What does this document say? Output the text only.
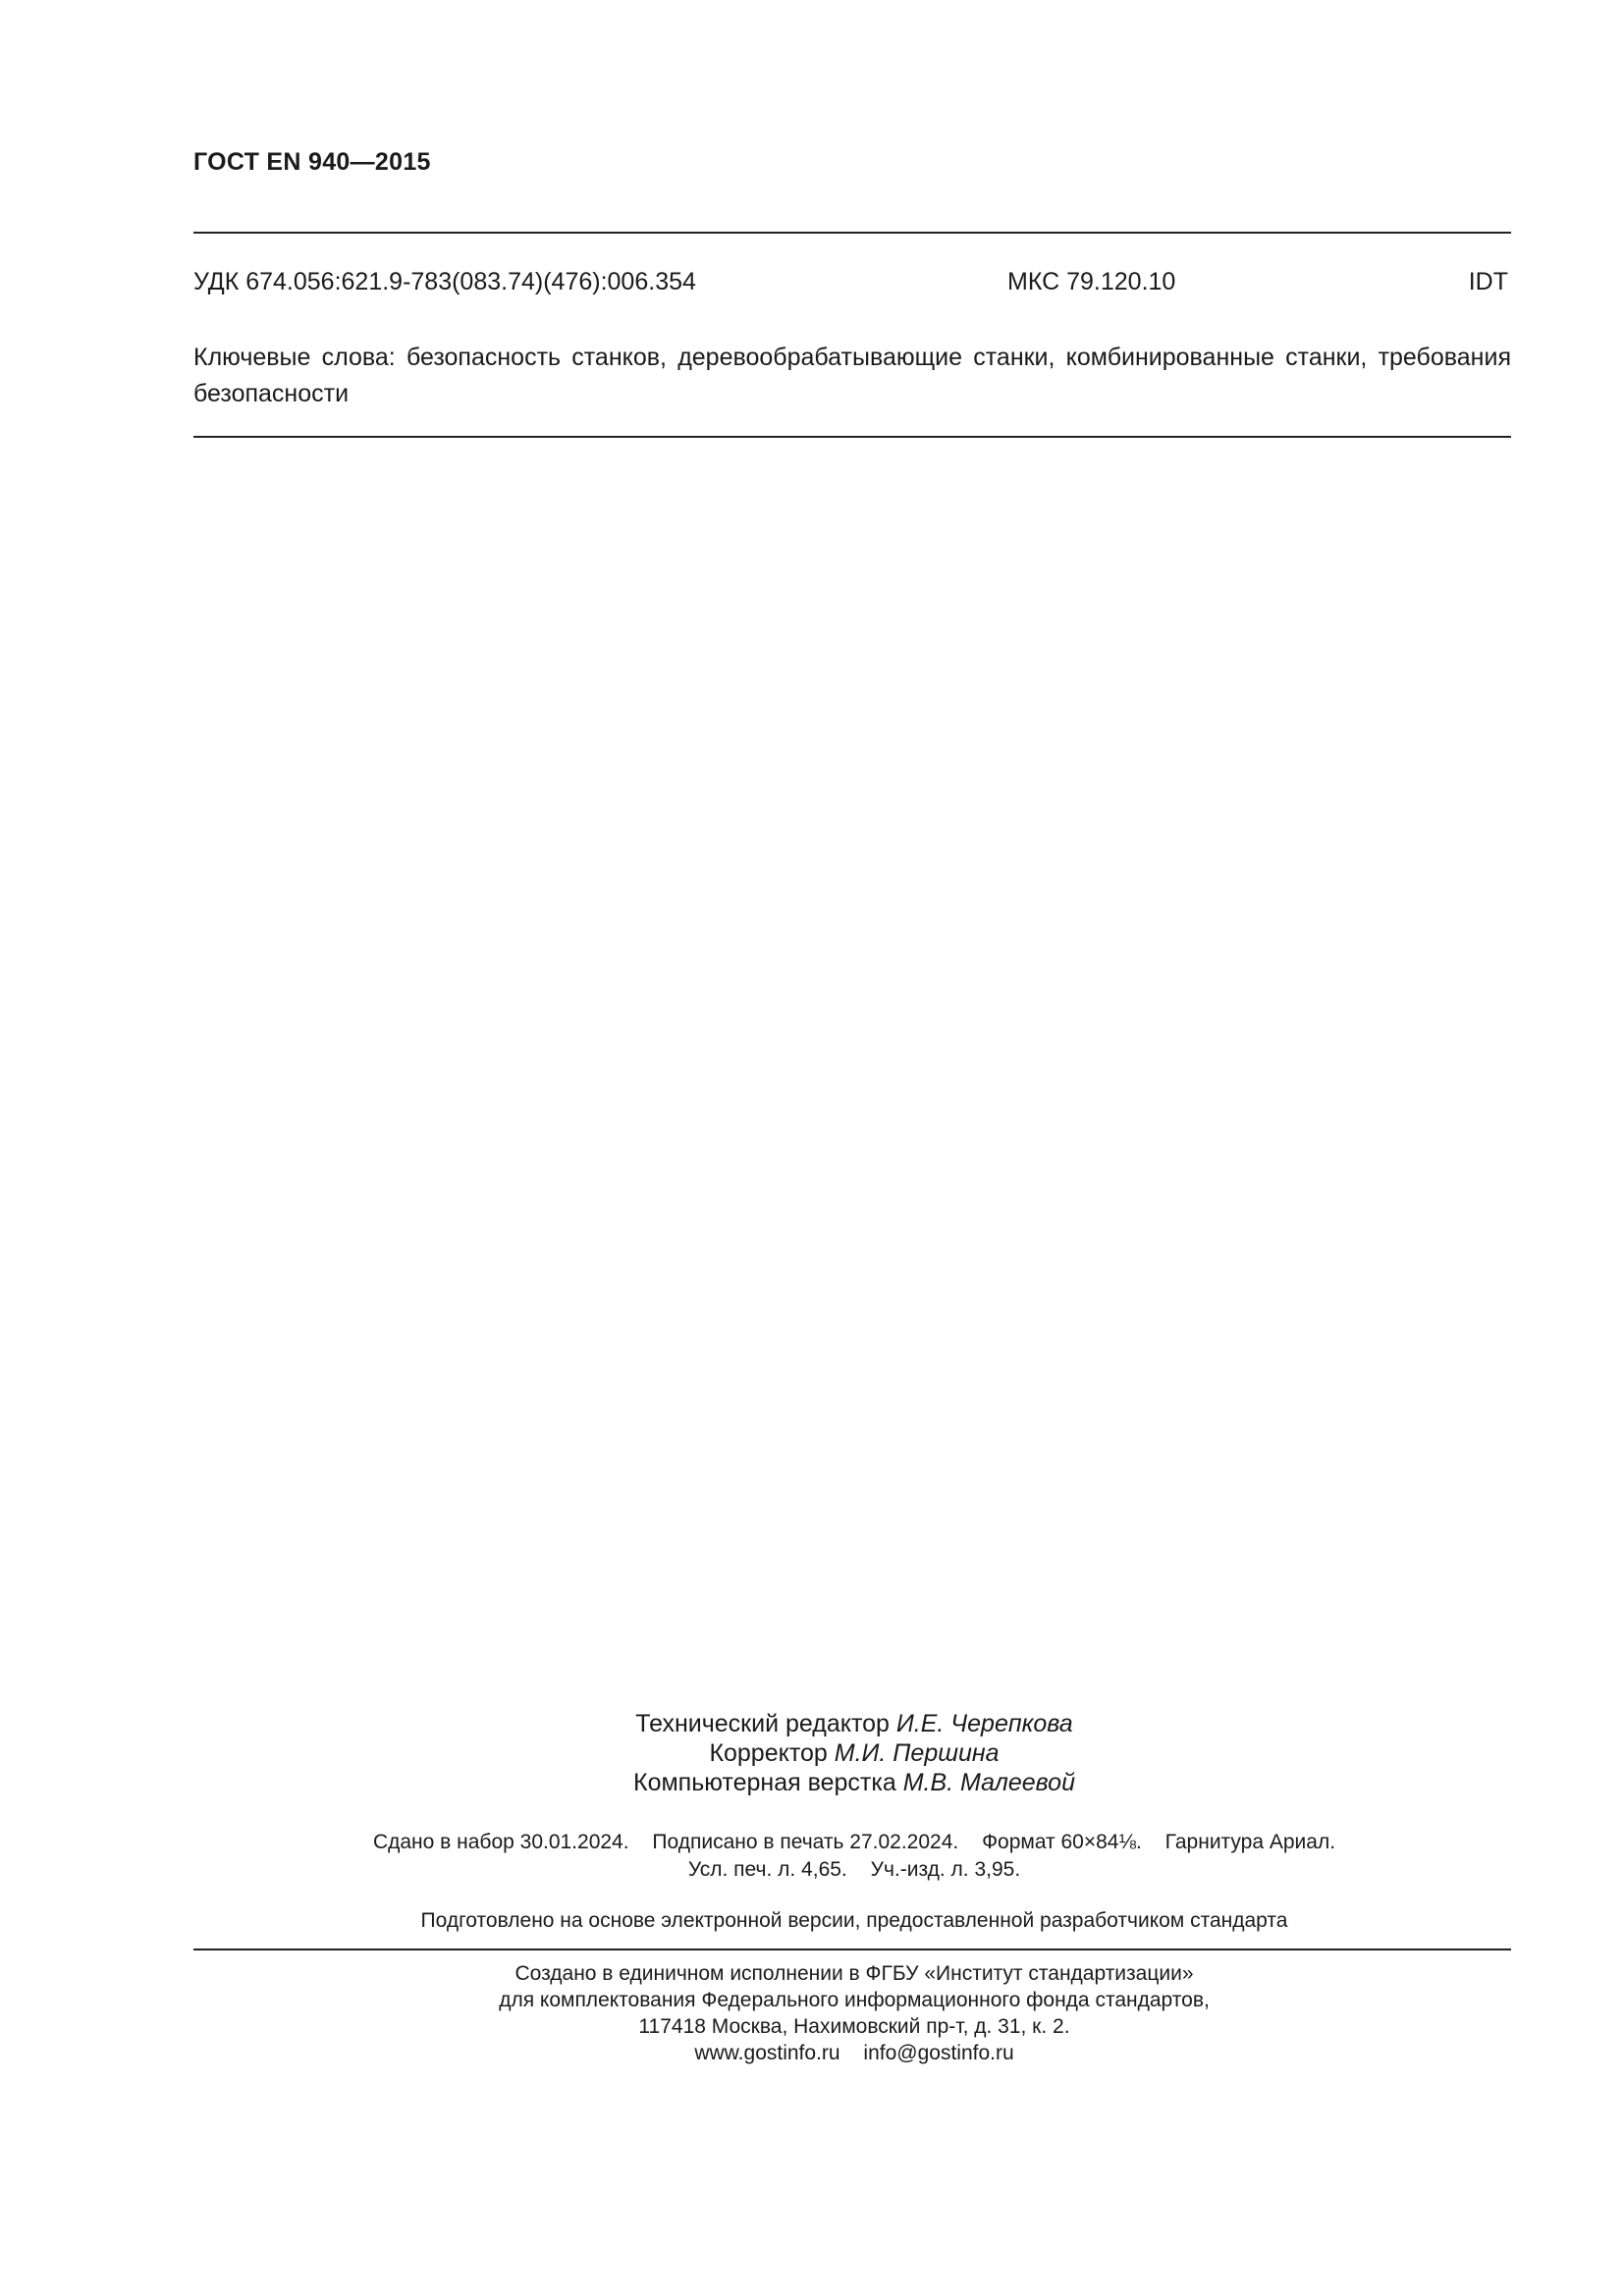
ГОСТ EN 940—2015
УДК 674.056:621.9-783(083.74)(476):006.354	МКС 79.120.10	IDT
Ключевые слова: безопасность станков, деревообрабатывающие станки, комбинированные станки, требования безопасности
Технический редактор И.Е. Черепкова
Корректор М.И. Першина
Компьютерная верстка М.В. Малеевой
Сдано в набор 30.01.2024. Подписано в печать 27.02.2024. Формат 60×84⅛. Гарнитура Ариал.
Усл. печ. л. 4,65. Уч.-изд. л. 3,95.
Подготовлено на основе электронной версии, предоставленной разработчиком стандарта
Создано в единичном исполнении в ФГБУ «Институт стандартизации»
для комплектования Федерального информационного фонда стандартов,
117418 Москва, Нахимовский пр-т, д. 31, к. 2.
www.gostinfo.ru info@gostinfo.ru
